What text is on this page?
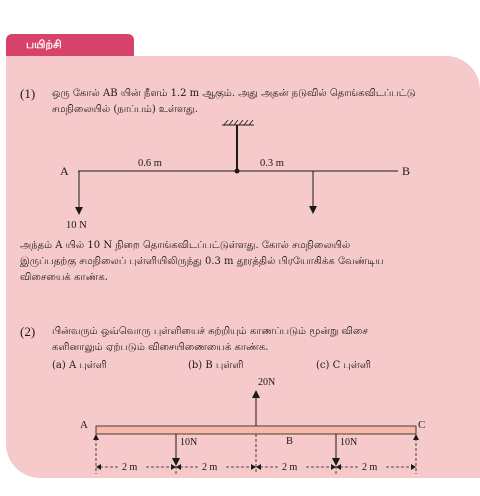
பயிற்சி
(1) ஒரு கோல் AB யின் நீளம் 1.2 m ஆகும். அது அதன் நடுவில் தொங்கவிடப்பட்டு
சமநிலையில் (நாப்பம்) உள்ளது.
A	B
0.6 m	0.3 m
10 N
அந்தம் A யில் 10 N நிறை தொங்கவிடப்பட்டுள்ளது. கோல் சமநிலையில்
இருப்பதற்கு சமநிலைப் புள்ளியிலிருந்து 0.3 m தூரத்தில் பிரயோகிக்க வேண்டிய
விசையைக் காண்க.
(2) பின்வரும் ஒவ்வொரு புள்ளியைச் சுற்றியும் காணப்படும் மூன்று விசை
களினாலும் ஏற்படும் விசையிணையைக் காண்க.
(a) A புள்ளி	(b) B புள்ளி	(c) C புள்ளி
A
B
C
20N
10N	10N
2 m	2 m	2 m	2 m
